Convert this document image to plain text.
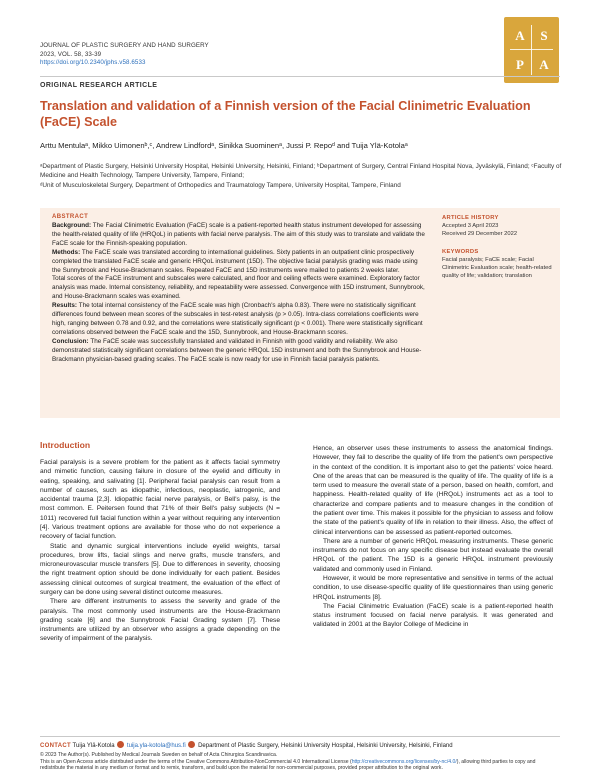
JOURNAL OF PLASTIC SURGERY AND HAND SURGERY
2023, VOL. 58, 33-39
https://doi.org/10.2340/jphs.v58.6533
A	S
P	A
ORIGINAL RESEARCH ARTICLE
Translation and validation of a Finnish version of the Facial Clinimetric Evaluation (FaCE) Scale
Arttu Mentulaᵃ, Mikko Uimonenᵇ,ᶜ, Andrew Lindfordᵃ, Sinikka Suominenᵃ, Jussi P. Repoᵈ and Tuija Ylä-Kotolaᵃ
ᵃDepartment of Plastic Surgery, Helsinki University Hospital, Helsinki University, Helsinki, Finland; ᵇDepartment of Surgery, Central Finland Hospital Nova, Jyväskylä, Finland; ᶜFaculty of Medicine and Health Technology, Tampere University, Tampere, Finland;
ᵈUnit of Musculoskeletal Surgery, Department of Orthopedics and Traumatology Tampere, University Hospital, Tampere, Finland
ABSTRACT

Background: The Facial Clinimetric Evaluation (FaCE) scale is a patient-reported health status instrument developed for assessing the health-related quality of life (HRQoL) in patients with facial nerve paralysis. The aim of this study was to translate and validate the FaCE scale for the Finnish-speaking population.

Methods: The FaCE scale was translated according to international guidelines. Sixty patients in an outpatient clinic prospectively completed the translated FaCE scale and generic HRQoL instrument (15D). The objective facial paralysis grading was made using the Sunnybrook and House-Brackmann scales. Repeated FaCE and 15D instruments were mailed to patients 2 weeks later.

Total scores of the FaCE instrument and subscales were calculated, and floor and ceiling effects were examined. Exploratory factor analysis was made. Internal consistency, reliability, and repeatability were assessed. Convergence with 15D instrument, Sunnybrook, and House-Brackmann scales was examined.

Results: The total internal consistency of the FaCE scale was high (Cronbach's alpha 0.83). There were no statistically significant differences found between mean scores of the subscales in test-retest analysis (p > 0.05). Intra-class correlations coefficients were high, ranging between 0.78 and 0.92, and the correlations were statistically significant (p < 0.001). There were statistically significant correlations observed between the FaCE scale and the 15D, Sunnybrook, and House-Brackmann scores.

Conclusion: The FaCE scale was successfully translated and validated in Finnish with good validity and reliability. We also demonstrated statistically significant correlations between the generic HRQoL 15D instrument and both the Sunnybrook and House-Brackmann physician-based grading scales. The FaCE scale is now ready for use in Finnish facial paralysis patients.

ARTICLE HISTORY
Accepted 3 April 2023
Received 29 December 2022
KEYWORDS
Facial paralysis; FaCE scale; Facial Clinimetric Evaluation scale; health-related quality of life; validation; translation
Introduction

Facial paralysis is a severe problem for the patient as it affects facial symmetry and mimetic function, causing failure in closure of the eyelid and difficulty in eating, speaking, and salivating [1]. Peripheral facial paralysis can result from a number of causes, such as idiopathic, infectious, neoplastic, iatrogenic, and accidental trauma [2,3]. Idiopathic facial nerve paralysis, or Bell's palsy, is the most common. E. Peitersen found that 71% of their Bell's palsy subjects (N = 1011) recovered full facial function within a year without requiring any intervention [4]. Various treatment options are available for those who do not experience a recovery of facial function.

Static and dynamic surgical interventions include eyelid weights, tarsal procedures, brow lifts, facial slings and nerve grafts, muscle transfers, and microneurovascular muscle transfers [5]. Due to differences in severity, choosing the right treatment option should be done individually for each patient. Besides assessing clinical outcomes of surgical treatment, the evaluation of the effect of surgery can be done using several distinct outcome measures.

There are different instruments to assess the severity and grade of the paralysis. The most commonly used instruments are the House-Brackmann grading scale [6] and the Sunnybrook Facial Grading system [7]. These instruments are utilized by an observer who assigns a grade depending on the severity of impairment of the paralysis.

Hence, an observer uses these instruments to assess the anatomical findings. However, they fail to describe the quality of life from the patient's own perspective in the context of the condition. It is important also to get the patients' voice heard. One of the areas that can be measured is the quality of life. The quality of life is a term used to measure the overall state of a person, based on health, comfort, and happiness. Health-related quality of life (HRQoL) instruments act as a tool to characterize and compare patients and to measure changes in the condition of the patient over time. This makes it possible for the physician to assess and follow the state of the patient's quality of life in relation to their illness. Also, the effect of clinical interventions can be assessed as patient-reported outcomes.

There are a number of generic HRQoL measuring instruments. These generic instruments do not focus on any specific disease but instead evaluate the overall HRQoL of the patient. The 15D is a generic HRQoL instrument previously validated and commonly used in Finland.

However, it would be more representative and sensitive in terms of the actual condition, to use disease-specific quality of life questionnaires than using generic HRQoL instruments [8].

The Facial Clinimetric Evaluation (FaCE) scale is a patient-reported health status instrument focused on facial nerve paralysis. It was generated and validated in 2001 at the Baylor College of Medicine in

CONTACT Tuija Ylä-Kotola tuija.yla-kotola@hus.fi Department of Plastic Surgery, Helsinki University Hospital, Helsinki University, Helsinki, Finland
© 2023 The Author(s). Published by Medical Journals Sweden on behalf of Acta Chirurgica Scandinavica.
This is an Open Access article distributed under the terms of the Creative Commons Attribution-NonCommercial 4.0 International License (http://creativecommons.org/licenses/by-nc/4.0/), allowing third parties to copy and redistribute the material in any medium or format and to remix, transform, and build upon the material for non-commercial purposes, provided proper attribution to the original work.
